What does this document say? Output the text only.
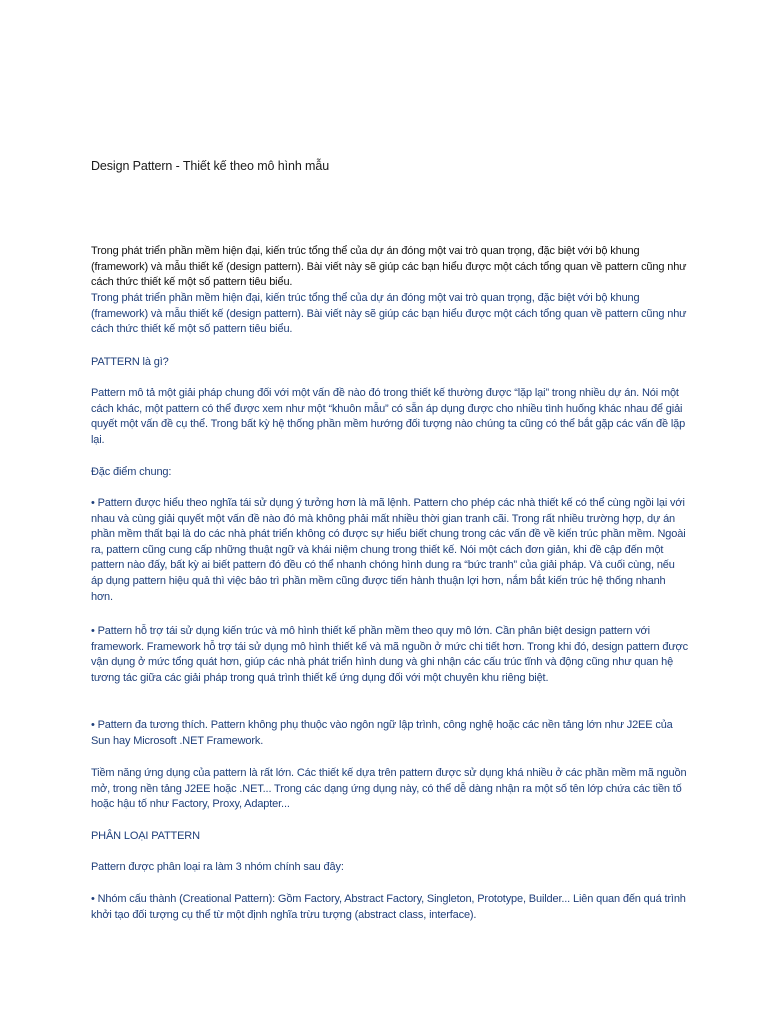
Design Pattern - Thiết kế theo mô hình mẫu

Trong phát triển phần mềm hiện đại, kiến trúc tổng thể của dự án đóng một vai trò quan trọng, đặc biệt với bộ khung (framework) và mẫu thiết kế (design pattern). Bài viết này sẽ giúp các bạn hiểu được một cách tổng quan về pattern cũng như cách thức thiết kế một số pattern tiêu biểu.

Trong phát triển phần mềm hiện đại, kiến trúc tổng thể của dự án đóng một vai trò quan trọng, đặc biệt với bộ khung (framework) và mẫu thiết kế (design pattern). Bài viết này sẽ giúp các bạn hiểu được một cách tổng quan về pattern cũng như cách thức thiết kế một số pattern tiêu biểu.

PATTERN là gì?

Pattern mô tả một giải pháp chung đối với một vấn đề nào đó trong thiết kế thường được “lặp lại” trong nhiều dự án. Nói một cách khác, một pattern có thể được xem như một “khuôn mẫu” có sẵn áp dụng được cho nhiều tình huống khác nhau để giải quyết một vấn đề cụ thể. Trong bất kỳ hệ thống phần mềm hướng đối tượng nào chúng ta cũng có thể bắt gặp các vấn đề lặp lại.

Đặc điểm chung:

• Pattern được hiểu theo nghĩa tái sử dụng ý tưởng hơn là mã lệnh. Pattern cho phép các nhà thiết kế có thể cùng ngồi lại với nhau và cùng giải quyết một vấn đề nào đó mà không phải mất nhiều thời gian tranh cãi. Trong rất nhiều trường hợp, dự án phần mềm thất bại là do các nhà phát triển không có được sự hiểu biết chung trong các vấn đề về kiến trúc phần mềm. Ngoài ra, pattern cũng cung cấp những thuật ngữ và khái niệm chung trong thiết kế. Nói một cách đơn giản, khi đề cập đến một pattern nào đấy, bất kỳ ai biết pattern đó đều có thể nhanh chóng hình dung ra “bức tranh” của giải pháp. Và cuối cùng, nếu áp dụng pattern hiệu quả thì việc bảo trì phần mềm cũng được tiến hành thuận lợi hơn, nắm bắt kiến trúc hệ thống nhanh hơn.

• Pattern hỗ trợ tái sử dụng kiến trúc và mô hình thiết kế phần mềm theo quy mô lớn. Cần phân biệt design pattern với framework. Framework hỗ trợ tái sử dụng mô hình thiết kế và mã nguồn ở mức chi tiết hơn. Trong khi đó, design pattern được vận dụng ở mức tổng quát hơn, giúp các nhà phát triển hình dung và ghi nhận các cấu trúc tĩnh và động cũng như quan hệ tương tác giữa các giải pháp trong quá trình thiết kế ứng dụng đối với một chuyên khu riêng biệt.

• Pattern đa tương thích. Pattern không phụ thuộc vào ngôn ngữ lập trình, công nghệ hoặc các nền tảng lớn như J2EE của Sun hay Microsoft .NET Framework.

Tiềm năng ứng dụng của pattern là rất lớn. Các thiết kế dựa trên pattern được sử dụng khá nhiều ở các phần mềm mã nguồn mở, trong nền tảng J2EE hoặc .NET... Trong các dạng ứng dụng này, có thể dễ dàng nhận ra một số tên lớp chứa các tiền tố hoặc hậu tố như Factory, Proxy, Adapter...

PHÂN LOẠI PATTERN

Pattern được phân loại ra làm 3 nhóm chính sau đây:

• Nhóm cấu thành (Creational Pattern): Gồm Factory, Abstract Factory, Singleton, Prototype, Builder... Liên quan đến quá trình khởi tạo đối tượng cụ thể từ một định nghĩa trừu tượng (abstract class, interface).
